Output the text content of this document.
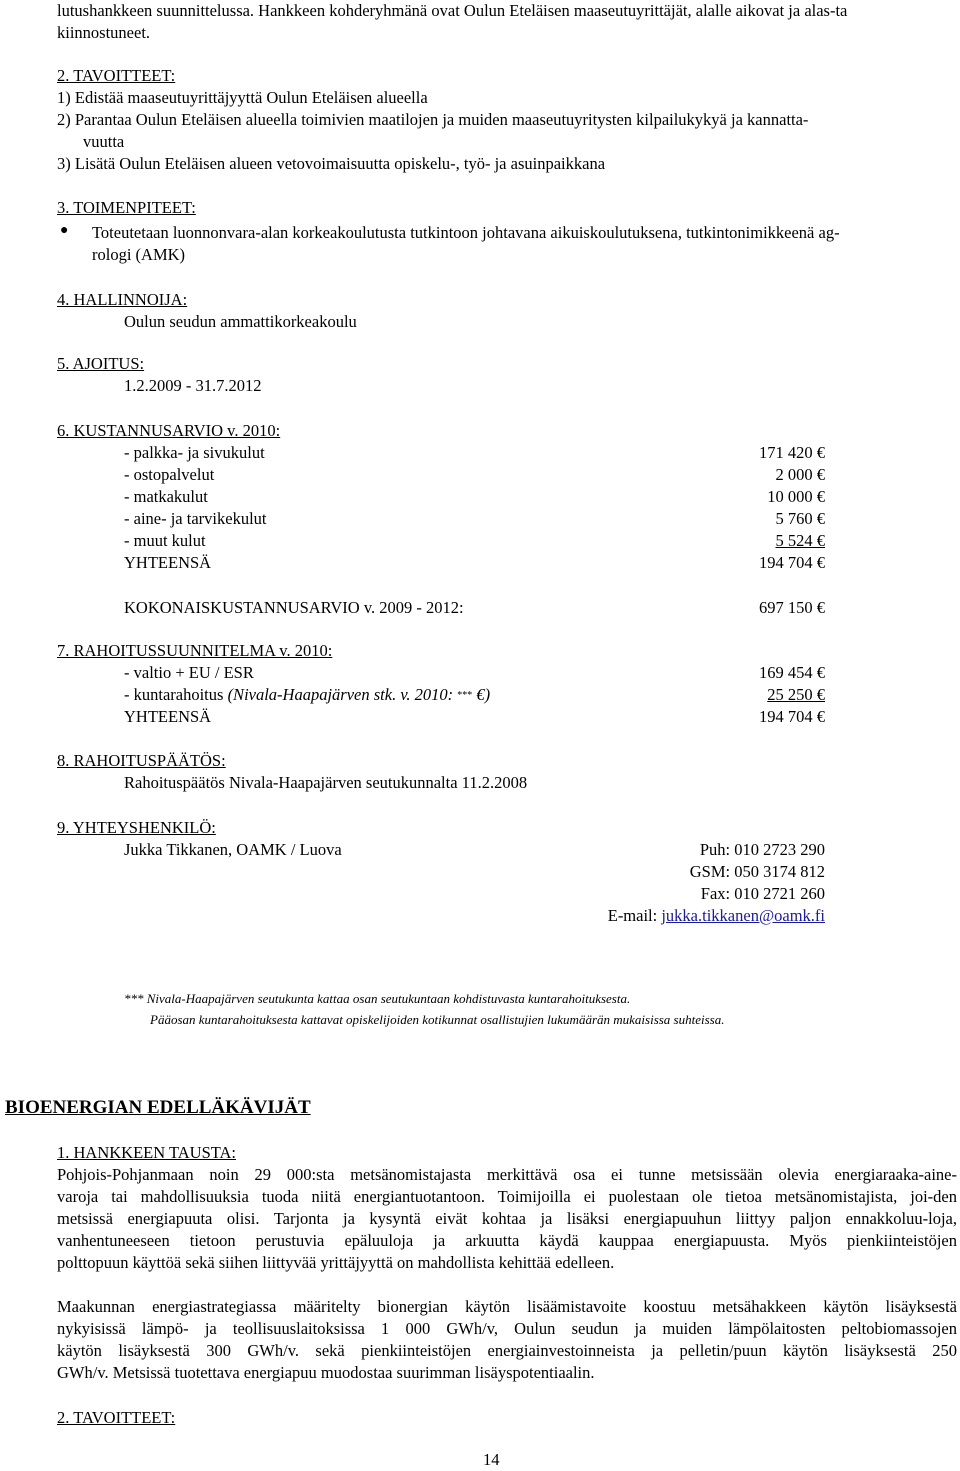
lutushankkeen suunnittelussa. Hankkeen kohderyhmänä ovat Oulun Eteläisen maaseutuyrittäjät, alalle aikovat ja alas-ta
kiinnostuneet.
2. TAVOITTEET:
1) Edistää maaseutuyrittäjyyttä Oulun Eteläisen alueella
2) Parantaa Oulun Eteläisen alueella toimivien maatilojen ja muiden maaseutuyritysten kilpailukykyä ja kannatta-
vuutta
3) Lisätä Oulun Eteläisen alueen vetovoimaisuutta opiskelu-, työ- ja asuinpaikkana
3. TOIMENPITEET:
● Toteutetaan luonnonvara-alan korkeakoulutusta tutkintoon johtavana aikuiskoulutuksena, tutkintonimikkeenä ag-
rologi (AMK)
4. HALLINNOIJA:
Oulun seudun ammattikorkeakoulu
5. AJOITUS:
1.2.2009 - 31.7.2012
6. KUSTANNUSARVIO v. 2010:
- palkka- ja sivukulut	171 420 €
- ostopalvelut	2 000 €
- matkakulut	10 000 €
- aine- ja tarvikekulut	5 760 €
- muut kulut	5 524 €
YHTEENSÄ	194 704 €
KOKONAISKUSTANNUSARVIO v. 2009 - 2012:	697 150 €
7. RAHOITUSSUUNNITELMA v. 2010:
- valtio + EU / ESR	169 454 €
- kuntarahoitus (Nivala-Haapajärven stk. v. 2010: *** €)	25 250 €
YHTEENSÄ	194 704 €
8. RAHOITUSPÄÄTÖS:
Rahoituspäätös Nivala-Haapajärven seutukunnalta 11.2.2008
9. YHTEYSHENKILÖ:
Jukka Tikkanen, OAMK / Luova	Puh: 010 2723 290
GSM: 050 3174 812
Fax: 010 2721 260
E-mail: jukka.tikkanen@oamk.fi
*** Nivala-Haapajärven seutukunta kattaa osan seutukuntaan kohdistuvasta kuntarahoituksesta.
Pääosan kuntarahoituksesta kattavat opiskelijoiden kotikunnat osallistujien lukumäärän mukaisissa suhteissa.
BIOENERGIAN EDELLÄKÄVIJÄT
1. HANKKEEN TAUSTA:
Pohjois-Pohjanmaan noin 29 000:sta metsänomistajasta merkittävä osa ei tunne metsissään olevia energiaraaka-aine-
varoja tai mahdollisuuksia tuoda niitä energiantuotantoon. Toimijoilla ei puolestaan ole tietoa metsänomistajista, joi-den
metsissä energiapuuta olisi. Tarjonta ja kysyntä eivät kohtaa ja lisäksi energiapuuhun liittyy paljon ennakkoluu-loja,
vanhentuneeseen tietoon perustuvia epäluuloja ja arkuutta käydä kauppaa energiapuusta. Myös pienkiinteistöjen
polttopuun käyttöä sekä siihen liittyvää yrittäjyyttä on mahdollista kehittää edelleen.
Maakunnan energiastrategiassa määritelty bionergian käytön lisäämistavoite koostuu metsähakkeen käytön lisäyksestä
nykyisissä lämpö- ja teollisuuslaitoksissa 1 000 GWh/v, Oulun seudun ja muiden lämpölaitosten peltobiomassojen
käytön lisäyksestä 300 GWh/v. sekä pienkiinteistöjen energiainvestoinneista ja pelletin/puun käytön lisäyksestä 250
GWh/v. Metsissä tuotettava energiapuu muodostaa suurimman lisäyspotentiaalin.
2. TAVOITTEET:
14
